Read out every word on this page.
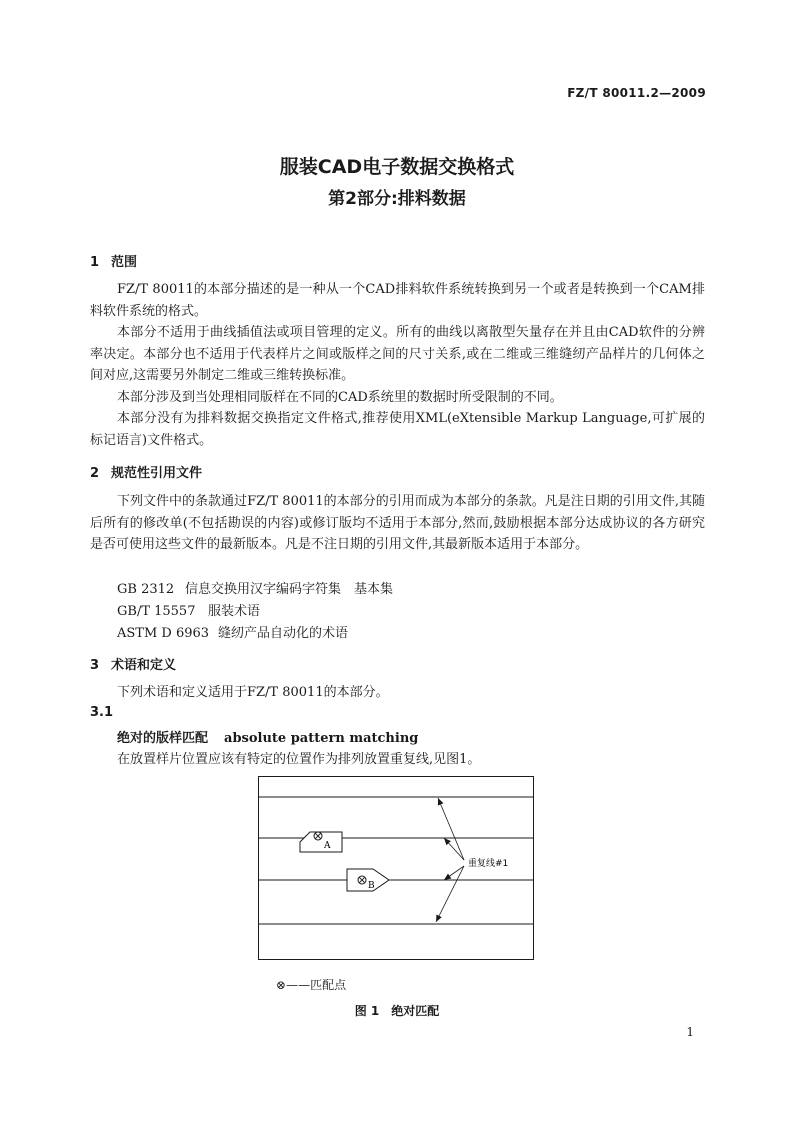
FZ/T 80011.2—2009
服装CAD电子数据交换格式
第2部分:排料数据
1 范围
FZ/T 80011的本部分描述的是一种从一个CAD排料软件系统转换到另一个或者是转换到一个CAM排料软件系统的格式。
本部分不适用于曲线插值法或项目管理的定义。所有的曲线以离散型矢量存在并且由CAD软件的分辨率决定。本部分也不适用于代表样片之间或版样之间的尺寸关系,或在二维或三维缝纫产品样片的几何体之间对应,这需要另外制定二维或三维转换标准。
本部分涉及到当处理相同版样在不同的CAD系统里的数据时所受限制的不同。
本部分没有为排料数据交换指定文件格式,推荐使用XML(eXtensible Markup Language,可扩展的标记语言)文件格式。
2 规范性引用文件
下列文件中的条款通过FZ/T 80011的本部分的引用而成为本部分的条款。凡是注日期的引用文件,其随后所有的修改单(不包括勘误的内容)或修订版均不适用于本部分,然而,鼓励根据本部分达成协议的各方研究是否可使用这些文件的最新版本。凡是不注日期的引用文件,其最新版本适用于本部分。
GB 2312 信息交换用汉字编码字符集　基本集
GB/T 15557 服装术语
ASTM D 6963 缝纫产品自动化的术语
3 术语和定义
下列术语和定义适用于FZ/T 80011的本部分。
3.1
绝对的版样匹配 absolute pattern matching
在放置样片位置应该有特定的位置作为排列放置重复线,见图1。
A
B
重复线#1
⊗——匹配点
图 1　绝对匹配
1
